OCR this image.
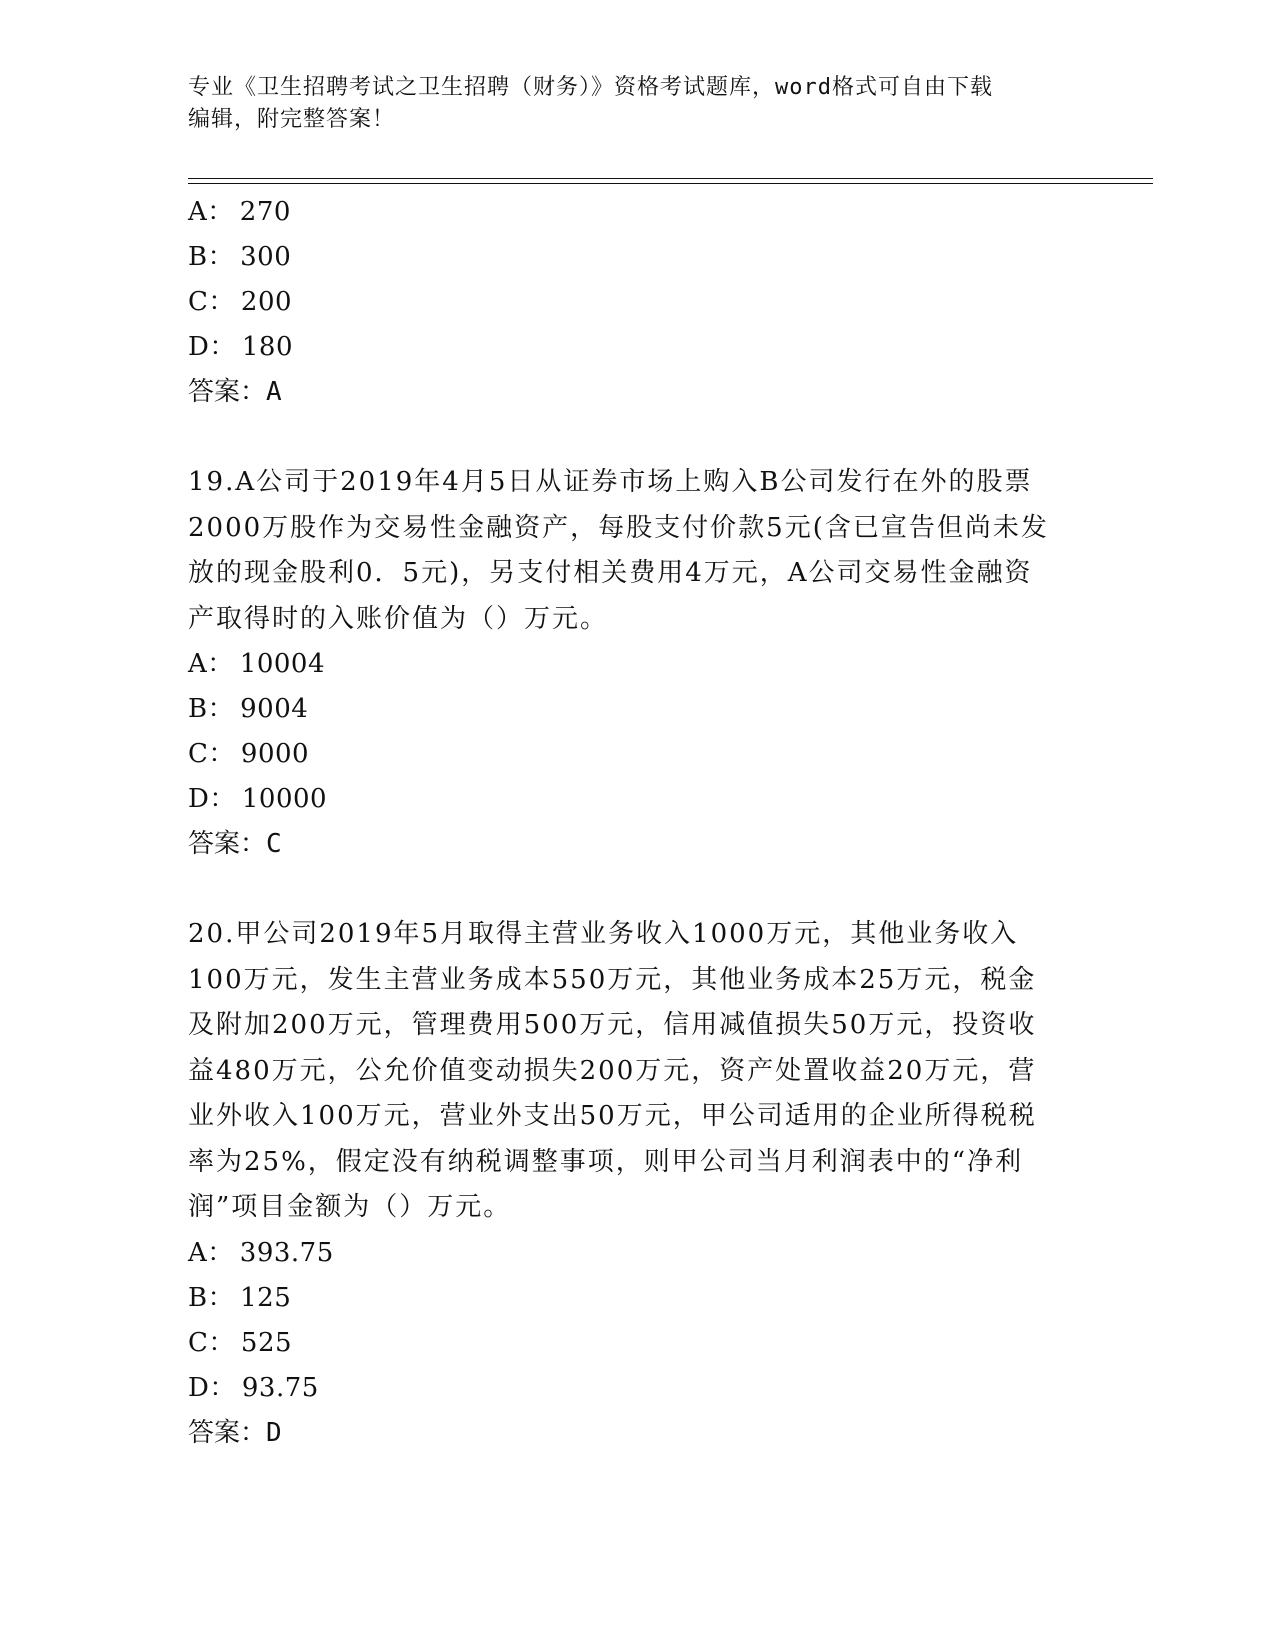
专业《卫生招聘考试之卫生招聘（财务）》资格考试题库，word格式可自由下载
编辑，附完整答案！
A： 270
B： 300
C： 200
D： 180
答案：A
19.A公司于2019年4月5日从证券市场上购入B公司发行在外的股票
2000万股作为交易性金融资产，每股支付价款5元(含已宣告但尚未发
放的现金股利0．5元)，另支付相关费用4万元，A公司交易性金融资
产取得时的入账价值为（）万元。
A： 10004
B： 9004
C： 9000
D： 10000
答案：C
20.甲公司2019年5月取得主营业务收入1000万元，其他业务收入
100万元，发生主营业务成本550万元，其他业务成本25万元，税金
及附加200万元，管理费用500万元，信用减值损失50万元，投资收
益480万元，公允价值变动损失200万元，资产处置收益20万元，营
业外收入100万元，营业外支出50万元，甲公司适用的企业所得税税
率为25%，假定没有纳税调整事项，则甲公司当月利润表中的“净利
润”项目金额为（）万元。
A： 393.75
B： 125
C： 525
D： 93.75
答案：D
